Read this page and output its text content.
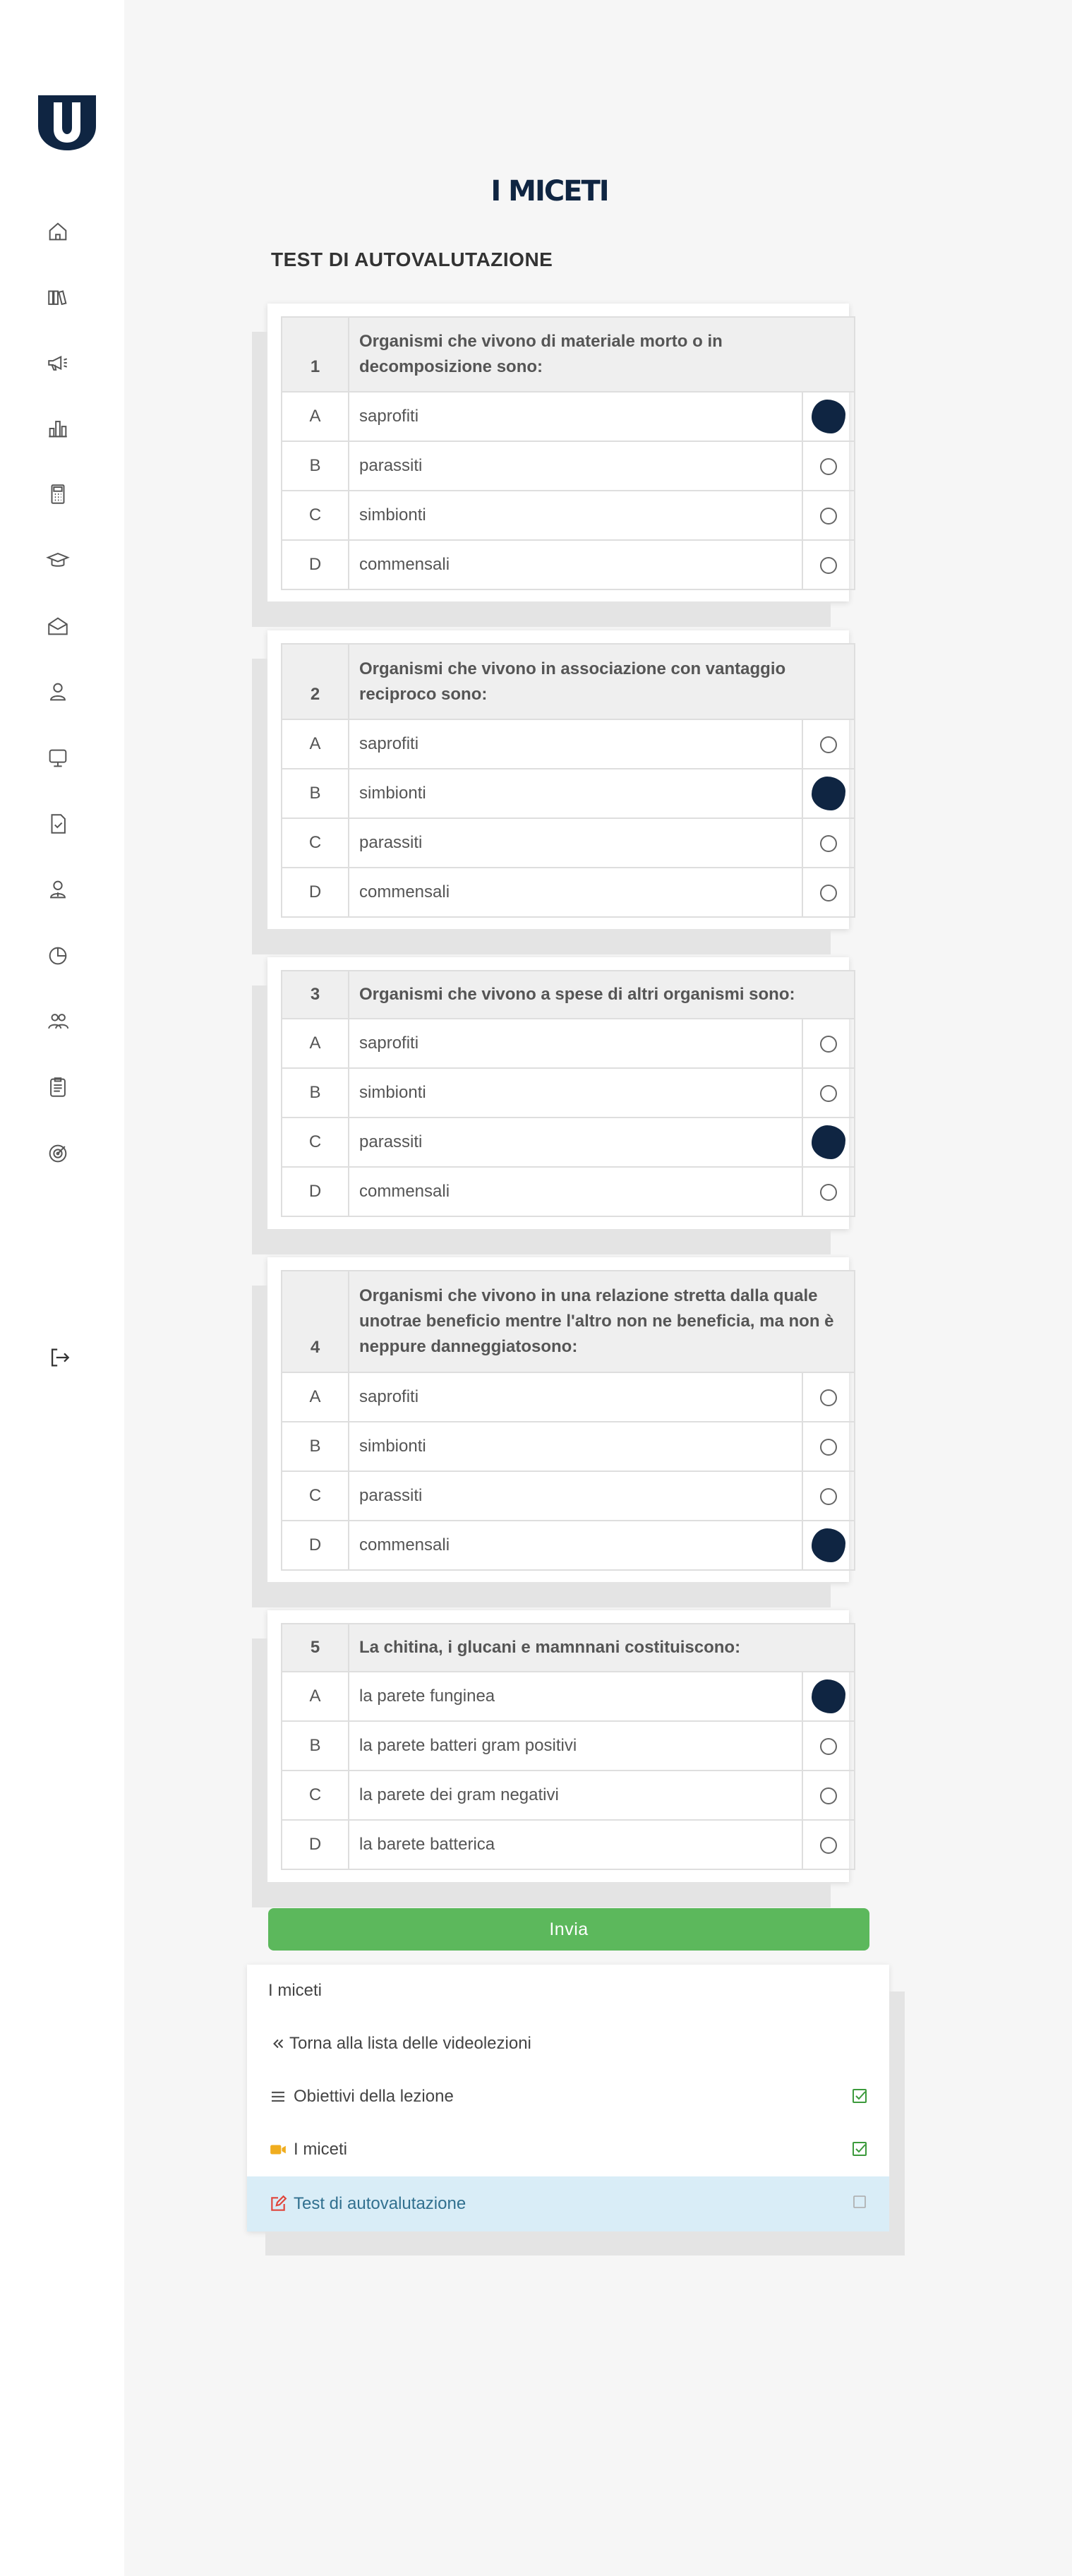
I MICETI
TEST DI AUTOVALUTAZIONE
1	Organismi che vivono di materiale morto o in decomposizione sono:	
A	saprofiti	
B	parassiti	
C	simbionti	
D	commensali	
2	Organismi che vivono in associazione con vantaggio reciproco sono:	
A	saprofiti	
B	simbionti	
C	parassiti	
D	commensali	
3	Organismi che vivono a spese di altri organismi sono:	
A	saprofiti	
B	simbionti	
C	parassiti	
D	commensali	
4	Organismi che vivono in una relazione stretta dalla quale unotrae beneficio mentre l'altro non ne beneficia, ma non è neppure danneggiatosono:	
A	saprofiti	
B	simbionti	
C	parassiti	
D	commensali	
5	La chitina, i glucani e mamnnani costituiscono:	
A	la parete funginea	
B	la parete batteri gram positivi	
C	la parete dei gram negativi	
D	la barete batterica	
Invia
I miceti
Torna alla lista delle videolezioni
Obiettivi della lezione
I miceti
Test di autovalutazione
